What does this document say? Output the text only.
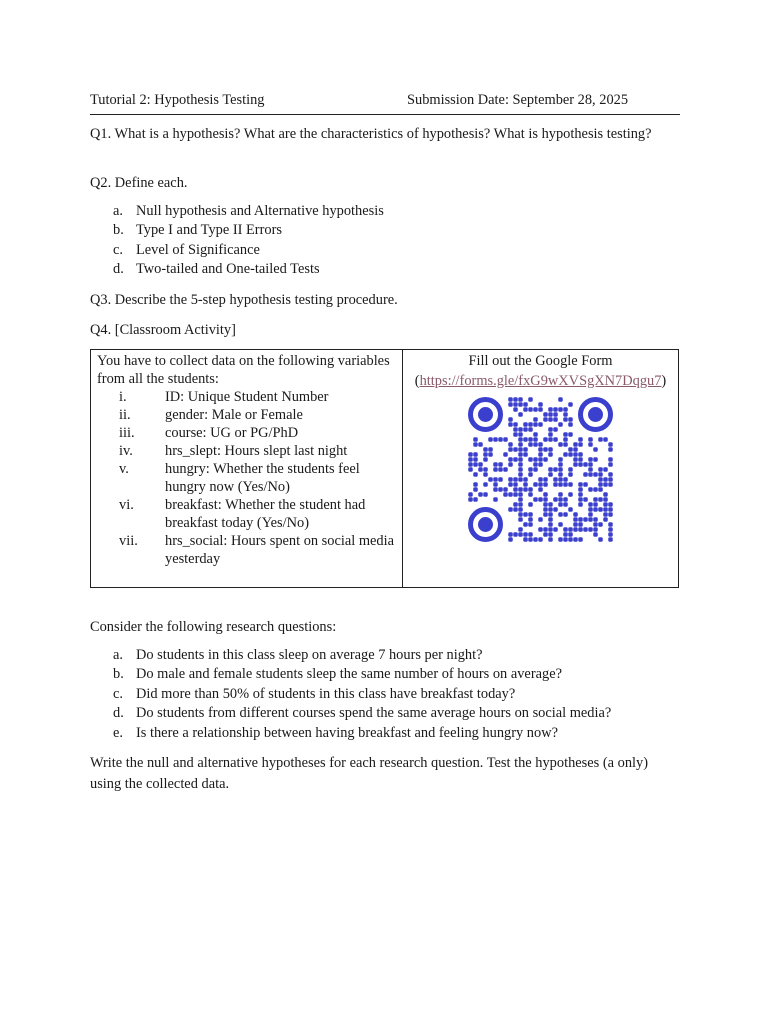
Tutorial 2: Hypothesis Testing	Submission Date: September 28, 2025

Q1. What is a hypothesis? What are the characteristics of hypothesis? What is hypothesis testing?

Q2. Define each.

a. Null hypothesis and Alternative hypothesis
b. Type I and Type II Errors
c. Level of Significance
d. Two-tailed and One-tailed Tests

Q3. Describe the 5-step hypothesis testing procedure.

Q4. [Classroom Activity]

You have to collect data on the following variables from all the students:
i.	ID: Unique Student Number
ii. gender: Male or Female
iii. course: UG or PG/PhD
iv. hrs_slept: Hours slept last night
v.	hungry: Whether the students feel hungry now (Yes/No)
vi. breakfast: Whether the student had breakfast today (Yes/No)
vii. hrs_social: Hours spent on social media yesterday

Fill out the Google Form
(https://forms.gle/fxG9wXVSgXN7Dqgu7)

Consider the following research questions:

a. Do students in this class sleep on average 7 hours per night?
b. Do male and female students sleep the same number of hours on average?
c. Did more than 50% of students in this class have breakfast today?
d. Do students from different courses spend the same average hours on social media?
e. Is there a relationship between having breakfast and feeling hungry now?

Write the null and alternative hypotheses for each research question. Test the hypotheses (a only) using the collected data.
